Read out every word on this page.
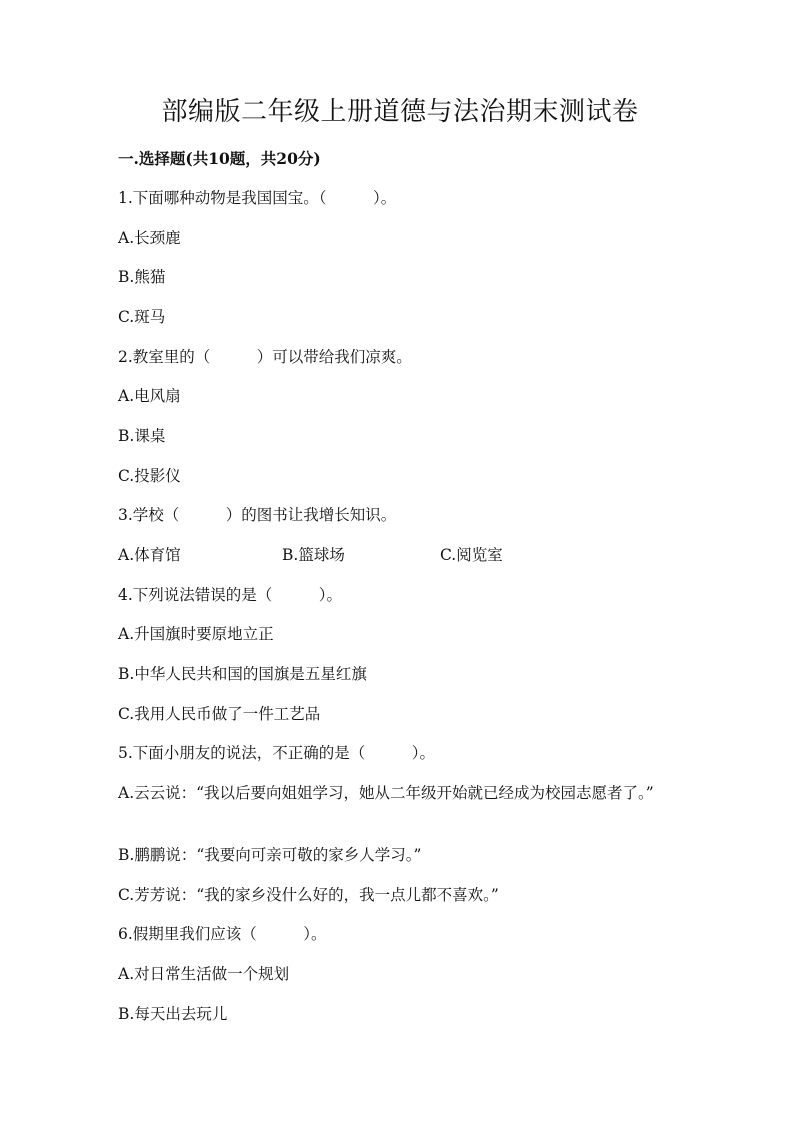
部编版二年级上册道德与法治期末测试卷
一.选择题(共10题，共20分)
1.下面哪种动物是我国国宝。（　　　）。
A.长颈鹿
B.熊猫
C.斑马
2.教室里的（　　　）可以带给我们凉爽。
A.电风扇
B.课桌
C.投影仪
3.学校（　　　）的图书让我增长知识。
A.体育馆	B.篮球场	C.阅览室
4.下列说法错误的是（　　　）。
A.升国旗时要原地立正
B.中华人民共和国的国旗是五星红旗
C.我用人民币做了一件工艺品
5.下面小朋友的说法，不正确的是（　　　）。
A.云云说：“我以后要向姐姐学习，她从二年级开始就已经成为校园志愿者了。”
B.鹏鹏说：“我要向可亲可敬的家乡人学习。”
C.芳芳说：“我的家乡没什么好的，我一点儿都不喜欢。”
6.假期里我们应该（　　　）。
A.对日常生活做一个规划
B.每天出去玩儿
